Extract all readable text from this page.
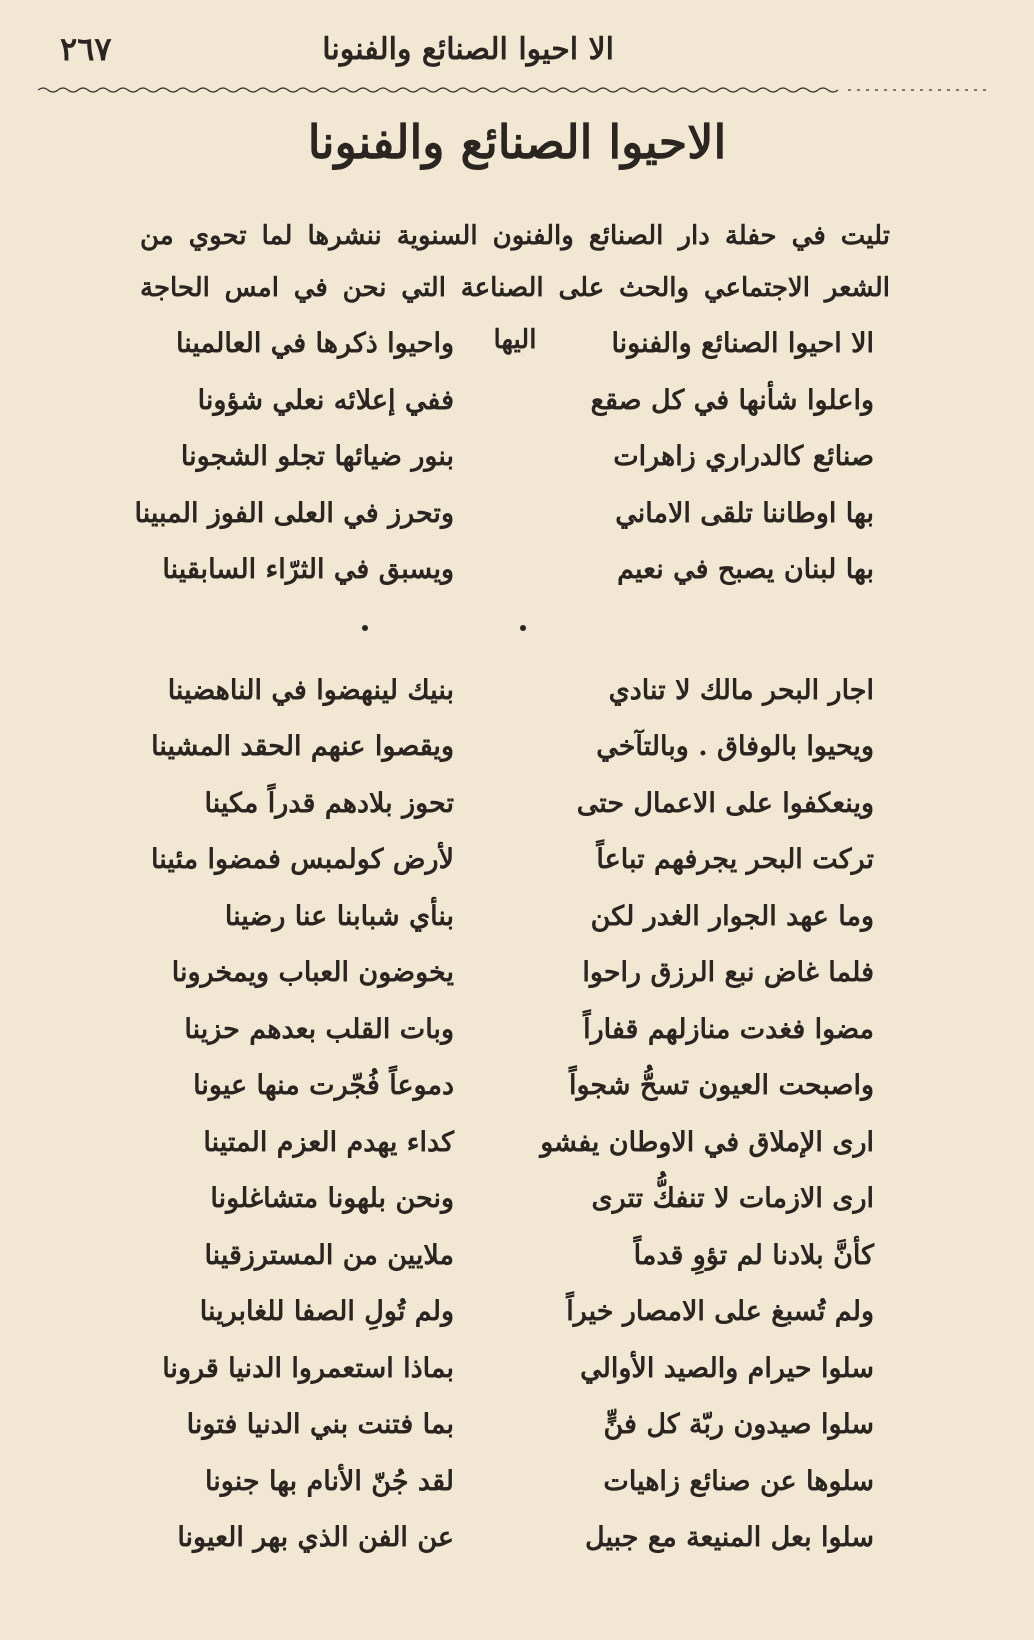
الا احيوا الصنائع والفنونا
٢٦٧
الاحيوا الصنائع والفنونا
تليت في حفلة دار الصنائع والفنون السنوية ننشرها لما تحوي من الشعر الاجتماعي والحث على الصناعة التي نحن في امس الحاجة اليها	الا احيوا الصنائع والفنونا
واحيوا ذكرها في العالمينا
واعلوا شأنها في كل صقع
ففي إعلائه نعلي شؤونا
صنائع كالدراري زاهرات
بنور ضيائها تجلو الشجونا
بها اوطاننا تلقى الاماني
وتحرز في العلى الفوز المبينا
بها لبنان يصبح في نعيم
ويسبق في الثرّاء السابقينا
اجار البحر مالك لا تنادي
بنيك لينهضوا في الناهضينا
ويحيوا بالوفاق . وبالتآخي
ويقصوا عنهم الحقد المشينا
وينعكفوا على الاعمال حتى
تحوز بلادهم قدراً مكينا
تركت البحر يجرفهم تباعاً
لأرض كولمبس فمضوا مئينا
وما عهد الجوار الغدر لكن
بنأي شبابنا عنا رضينا
فلما غاض نبع الرزق راحوا
يخوضون العباب ويمخرونا
مضوا فغدت منازلهم قفاراً
وبات القلب بعدهم حزينا
واصبحت العيون تسحُّ شجواً
دموعاً فُجّرت منها عيونا
ارى الإملاق في الاوطان يفشو
كداء يهدم العزم المتينا
ارى الازمات لا تنفكُّ تترى
ونحن بلهونا متشاغلونا
كأنَّ بلادنا لم تؤوِ قدماً
ملايين من المسترزقينا
ولم تُسبغ على الامصار خيراً
ولم تُولِ الصفا للغابرينا
سلوا حيرام والصيد الأوالي
بماذا استعمروا الدنيا قرونا
سلوا صيدون ربّة كل فنٍّ
بما فتنت بني الدنيا فتونا
سلوها عن صنائع زاهيات
لقد جُنّ الأنام بها جنونا
سلوا بعل المنيعة مع جبيل
عن الفن الذي بهر العيونا
